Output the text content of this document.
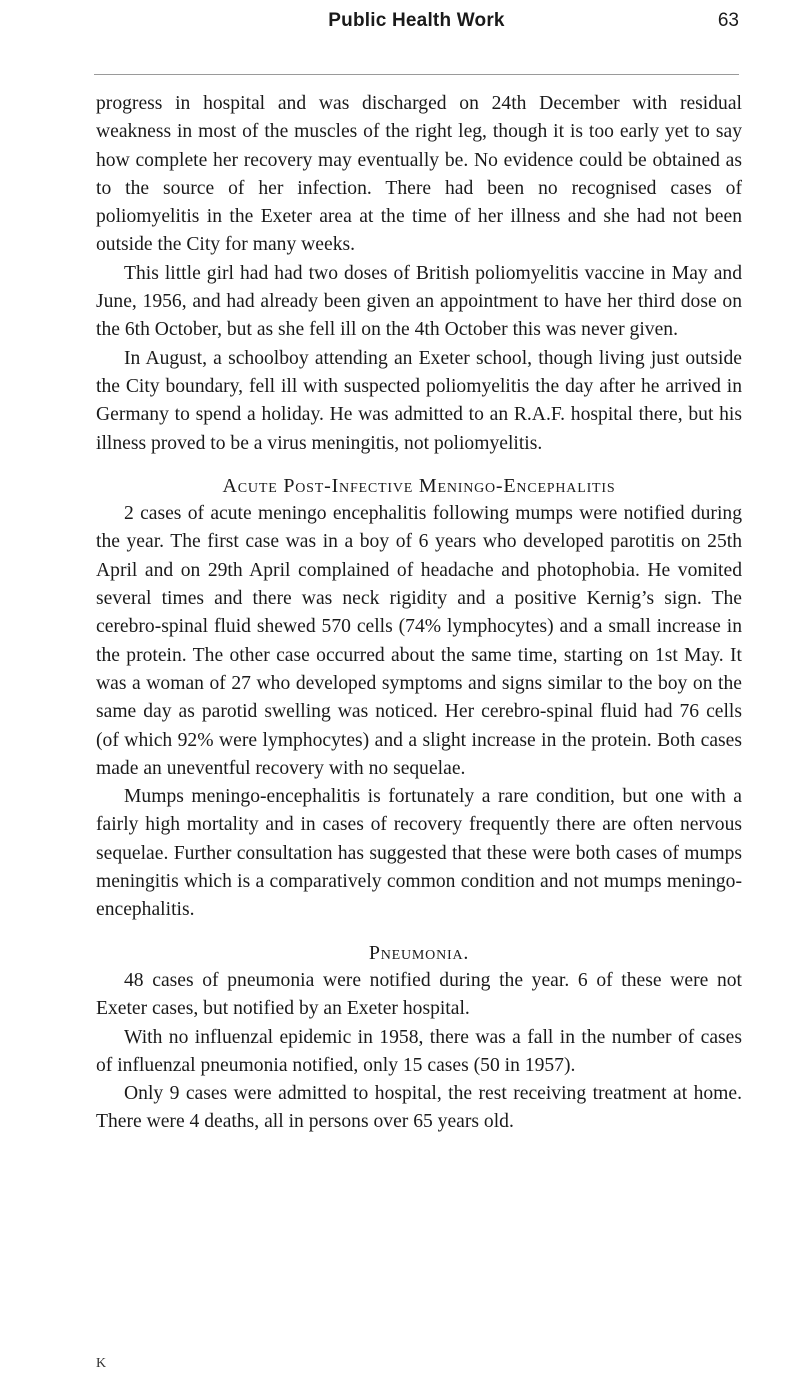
Public Health Work	63

progress in hospital and was discharged on 24th December with residual weakness in most of the muscles of the right leg, though it is too early yet to say how complete her recovery may eventually be. No evidence could be obtained as to the source of her infection. There had been no recognised cases of poliomyelitis in the Exeter area at the time of her illness and she had not been outside the City for many weeks.

This little girl had had two doses of British poliomyelitis vaccine in May and June, 1956, and had already been given an appointment to have her third dose on the 6th October, but as she fell ill on the 4th October this was never given.

In August, a schoolboy attending an Exeter school, though living just outside the City boundary, fell ill with suspected poliomyelitis the day after he arrived in Germany to spend a holiday. He was admitted to an R.A.F. hospital there, but his illness proved to be a virus meningitis, not poliomyelitis.

Acute Post-Infective Meningo-Encephalitis

2 cases of acute meningo encephalitis following mumps were notified during the year. The first case was in a boy of 6 years who developed parotitis on 25th April and on 29th April complained of headache and photophobia. He vomited several times and there was neck rigidity and a positive Kernig’s sign. The cerebro-spinal fluid shewed 570 cells (74% lymphocytes) and a small increase in the protein. The other case occurred about the same time, starting on 1st May. It was a woman of 27 who developed symptoms and signs similar to the boy on the same day as parotid swelling was noticed. Her cerebro-spinal fluid had 76 cells (of which 92% were lymphocytes) and a slight increase in the protein. Both cases made an uneventful recovery with no sequelae.

Mumps meningo-encephalitis is fortunately a rare condition, but one with a fairly high mortality and in cases of recovery frequently there are often nervous sequelae. Further consultation has suggested that these were both cases of mumps meningitis which is a comparatively common condition and not mumps meningo-encephalitis.

Pneumonia.

48 cases of pneumonia were notified during the year. 6 of these were not Exeter cases, but notified by an Exeter hospital.

With no influenzal epidemic in 1958, there was a fall in the number of cases of influenzal pneumonia notified, only 15 cases (50 in 1957).

Only 9 cases were admitted to hospital, the rest receiving treatment at home. There were 4 deaths, all in persons over 65 years old.

K
